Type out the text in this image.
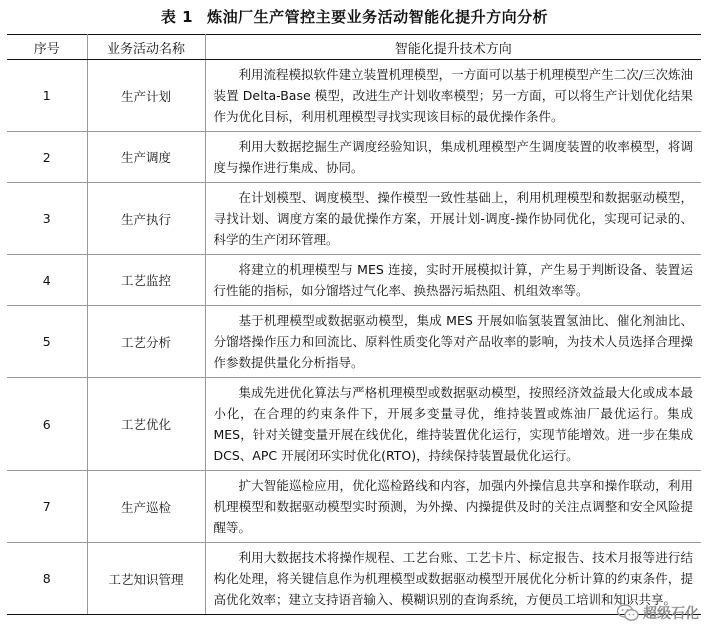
表 1 炼油厂生产管控主要业务活动智能化提升方向分析
序号	业务活动名称	智能化提升技术方向
1	生产计划	利用流程模拟软件建立装置机理模型，一方面可以基于机理模型产生二次/三次炼油装置 Delta-Base 模型，改进生产计划收率模型；另一方面，可以将生产计划优化结果作为优化目标，利用机理模型寻找实现该目标的最优操作条件。
2	生产调度	利用大数据挖掘生产调度经验知识，集成机理模型产生调度装置的收率模型，将调度与操作进行集成、协同。
3	生产执行	在计划模型、调度模型、操作模型一致性基础上，利用机理模型和数据驱动模型，寻找计划、调度方案的最优操作方案，开展计划-调度-操作协同优化，实现可记录的、科学的生产闭环管理。
4	工艺监控	将建立的机理模型与 MES 连接，实时开展模拟计算，产生易于判断设备、装置运行性能的指标，如分馏塔过气化率、换热器污垢热阻、机组效率等。
5	工艺分析	基于机理模型或数据驱动模型，集成 MES 开展如临氢装置氢油比、催化剂油比、分馏塔操作压力和回流比、原料性质变化等对产品收率的影响，为技术人员选择合理操作参数提供量化分析指导。
6	工艺优化	集成先进优化算法与严格机理模型或数据驱动模型，按照经济效益最大化或成本最小化，在合理的约束条件下，开展多变量寻优，维持装置或炼油厂最优运行。集成 MES，针对关键变量开展在线优化，维持装置优化运行，实现节能增效。进一步在集成 DCS、APC 开展闭环实时优化(RTO)，持续保持装置最优化运行。
7	生产巡检	扩大智能巡检应用，优化巡检路线和内容，加强内外操信息共享和操作联动，利用机理模型和数据驱动模型实时预测，为外操、内操提供及时的关注点调整和安全风险提醒等。
8	工艺知识管理	利用大数据技术将操作规程、工艺台账、工艺卡片、标定报告、技术月报等进行结构化处理，将关键信息作为机理模型或数据驱动模型开展优化分析计算的约束条件，提高优化效率；建立支持语音输入、模糊识别的查询系统，方便员工培训和知识共享。
超级石化
